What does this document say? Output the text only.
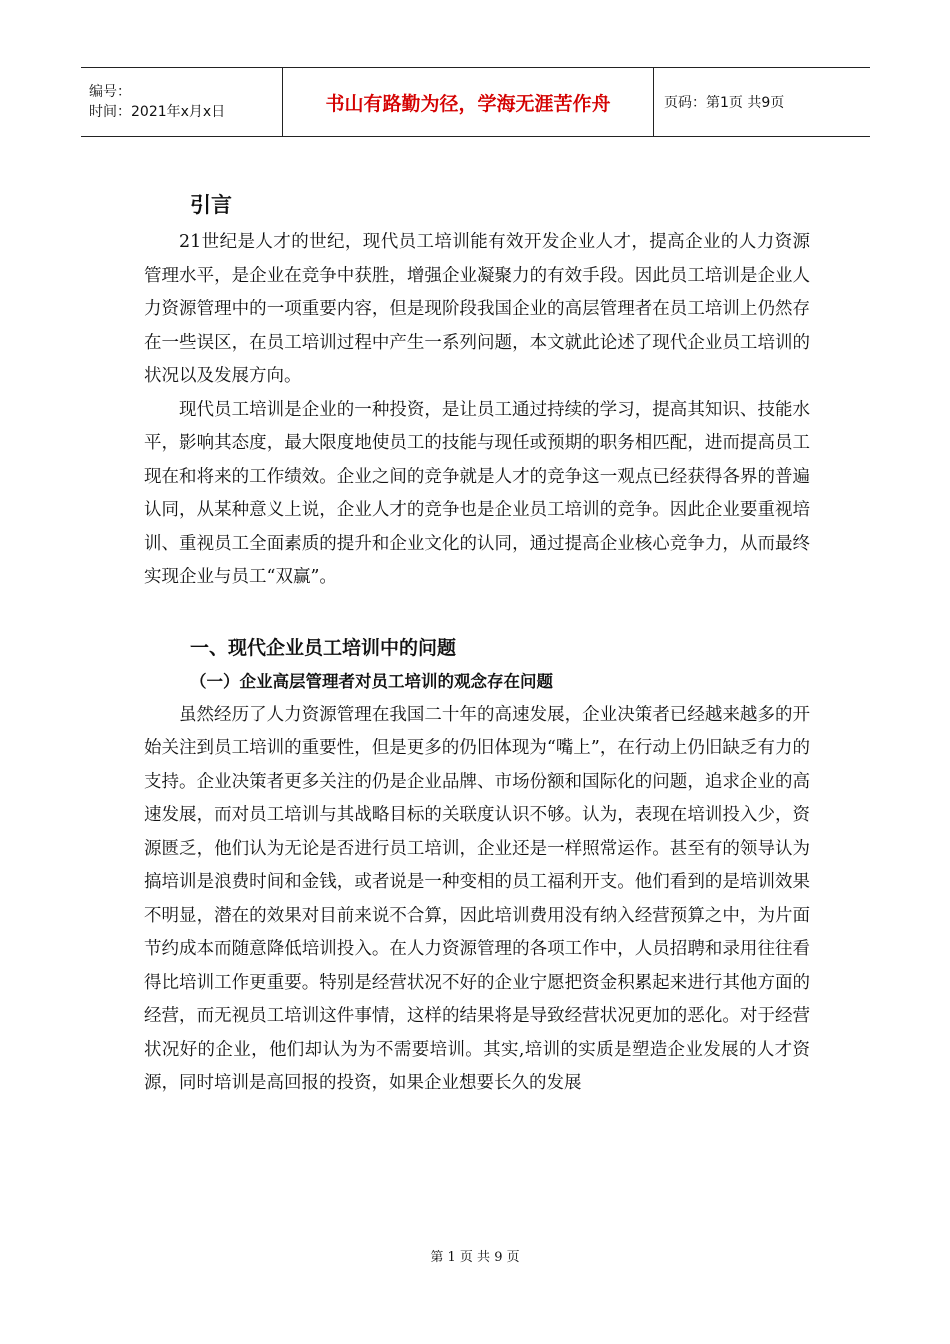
编号：
时间：2021年x月x日	书山有路勤为径，学海无涯苦作舟	页码：第1页 共9页
引言

21世纪是人才的世纪，现代员工培训能有效开发企业人才，提高企业的人力资源管理水平，是企业在竞争中获胜，增强企业凝聚力的有效手段。因此员工培训是企业人力资源管理中的一项重要内容，但是现阶段我国企业的高层管理者在员工培训上仍然存在一些误区，在员工培训过程中产生一系列问题，本文就此论述了现代企业员工培训的状况以及发展方向。

现代员工培训是企业的一种投资，是让员工通过持续的学习，提高其知识、技能水平，影响其态度，最大限度地使员工的技能与现任或预期的职务相匹配，进而提高员工现在和将来的工作绩效。企业之间的竞争就是人才的竞争这一观点已经获得各界的普遍认同，从某种意义上说，企业人才的竞争也是企业员工培训的竞争。因此企业要重视培训、重视员工全面素质的提升和企业文化的认同，通过提高企业核心竞争力，从而最终实现企业与员工“双赢”。

一、现代企业员工培训中的问题
（一）企业高层管理者对员工培训的观念存在问题

虽然经历了人力资源管理在我国二十年的高速发展，企业决策者已经越来越多的开始关注到员工培训的重要性，但是更多的仍旧体现为“嘴上”，在行动上仍旧缺乏有力的支持。企业决策者更多关注的仍是企业品牌、市场份额和国际化的问题，追求企业的高速发展，而对员工培训与其战略目标的关联度认识不够。认为，表现在培训投入少，资源匮乏，他们认为无论是否进行员工培训，企业还是一样照常运作。甚至有的领导认为搞培训是浪费时间和金钱，或者说是一种变相的员工福利开支。他们看到的是培训效果不明显，潜在的效果对目前来说不合算，因此培训费用没有纳入经营预算之中，为片面节约成本而随意降低培训投入。在人力资源管理的各项工作中，人员招聘和录用往往看得比培训工作更重要。特别是经营状况不好的企业宁愿把资金积累起来进行其他方面的经营，而无视员工培训这件事情，这样的结果将是导致经营状况更加的恶化。对于经营状况好的企业，他们却认为为不需要培训。其实,培训的实质是塑造企业发展的人才资源，同时培训是高回报的投资，如果企业想要长久的发展

第 1 页 共 9 页
